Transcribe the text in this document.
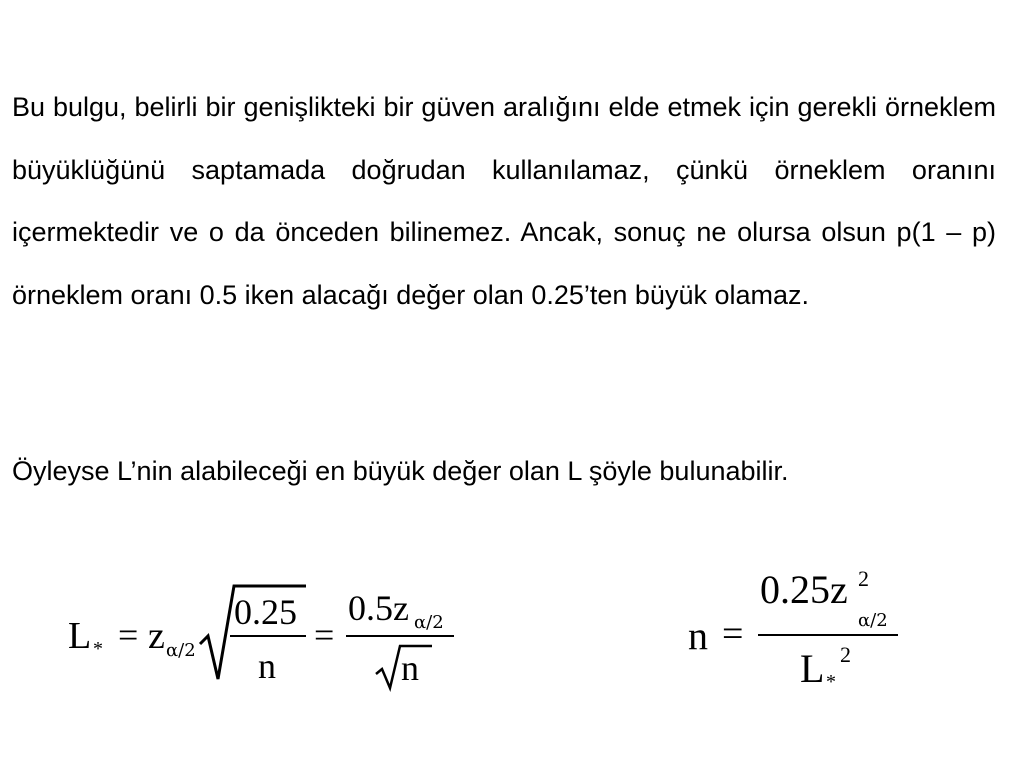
Bu bulgu, belirli bir genişlikteki bir güven aralığını elde etmek için gerekli örneklem büyüklüğünü saptamada doğrudan kullanılamaz, çünkü örneklem oranını içermektedir ve o da önceden bilinemez. Ancak, sonuç ne olursa olsun p(1 – p) örneklem oranı 0.5 iken alacağı değer olan 0.25’ten büyük olamaz.

Öyleyse L’nin alabileceği en büyük değer olan L şöyle bulunabilir.

L * = z α/2
0.25
n
=
0.5z α/2
n
n =
0.25z 2
α/2
L *
2
